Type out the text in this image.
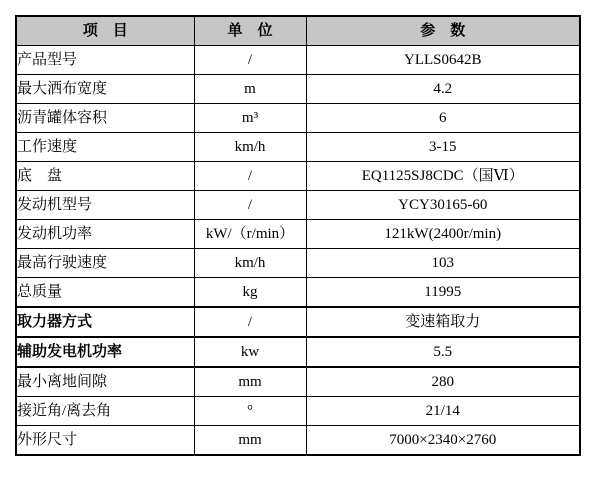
项　目	单　位	参　数
产品型号	/	YLLS0642B
最大洒布宽度	m	4.2
沥青罐体容积	m³	6
工作速度	km/h	3-15
底　盘	/	EQ1125SJ8CDC（国Ⅵ）
发动机型号	/	YCY30165-60
发动机功率	kW/（r/min）	121kW(2400r/min)
最高行驶速度	km/h	103
总质量	kg	11995
取力器方式	/	变速箱取力
辅助发电机功率	kw	5.5
最小离地间隙	mm	280
接近角/离去角	°	21/14
外形尺寸	mm	7000×2340×2760
